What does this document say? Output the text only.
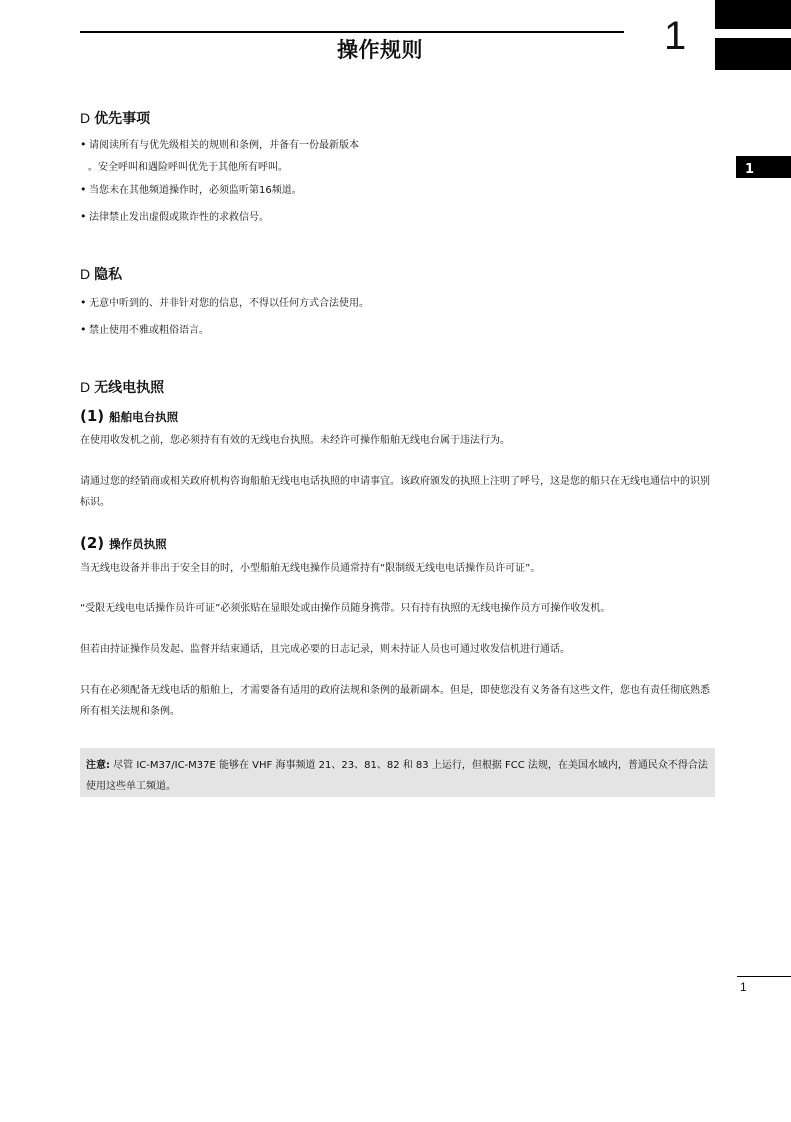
操作规则	1
1
D 优先事项
• 请阅读所有与优先级相关的规则和条例，并备有一份最新版本
。安全呼叫和遇险呼叫优先于其他所有呼叫。
• 当您未在其他频道操作时，必须监听第16频道。
• 法律禁止发出虚假或欺诈性的求救信号。
D 隐私
• 无意中听到的、并非针对您的信息，不得以任何方式合法使用。
• 禁止使用不雅或粗俗语言。
D 无线电执照
(1) 船舶电台执照
在使用收发机之前，您必须持有有效的无线电台执照。未经许可操作船舶无线电台属于违法行为。
请通过您的经销商或相关政府机构咨询船舶无线电电话执照的申请事宜。该政府颁发的执照上注明了呼号，这是您的船只在无线电通信中的识别标识。
(2) 操作员执照
当无线电设备并非出于安全目的时，小型船舶无线电操作员通常持有“限制级无线电电话操作员许可证”。
“受限无线电电话操作员许可证”必须张贴在显眼处或由操作员随身携带。只有持有执照的无线电操作员方可操作收发机。
但若由持证操作员发起、监督并结束通话，且完成必要的日志记录，则未持证人员也可通过收发信机进行通话。
只有在必须配备无线电话的船舶上，才需要备有适用的政府法规和条例的最新副本。但是，即使您没有义务备有这些文件，您也有责任彻底熟悉所有相关法规和条例。
注意: 尽管 IC-M37/IC-M37E 能够在 VHF 海事频道 21、23、81、82 和 83 上运行，但根据 FCC 法规，在美国水域内，普通民众不得合法使用这些单工频道。
1
